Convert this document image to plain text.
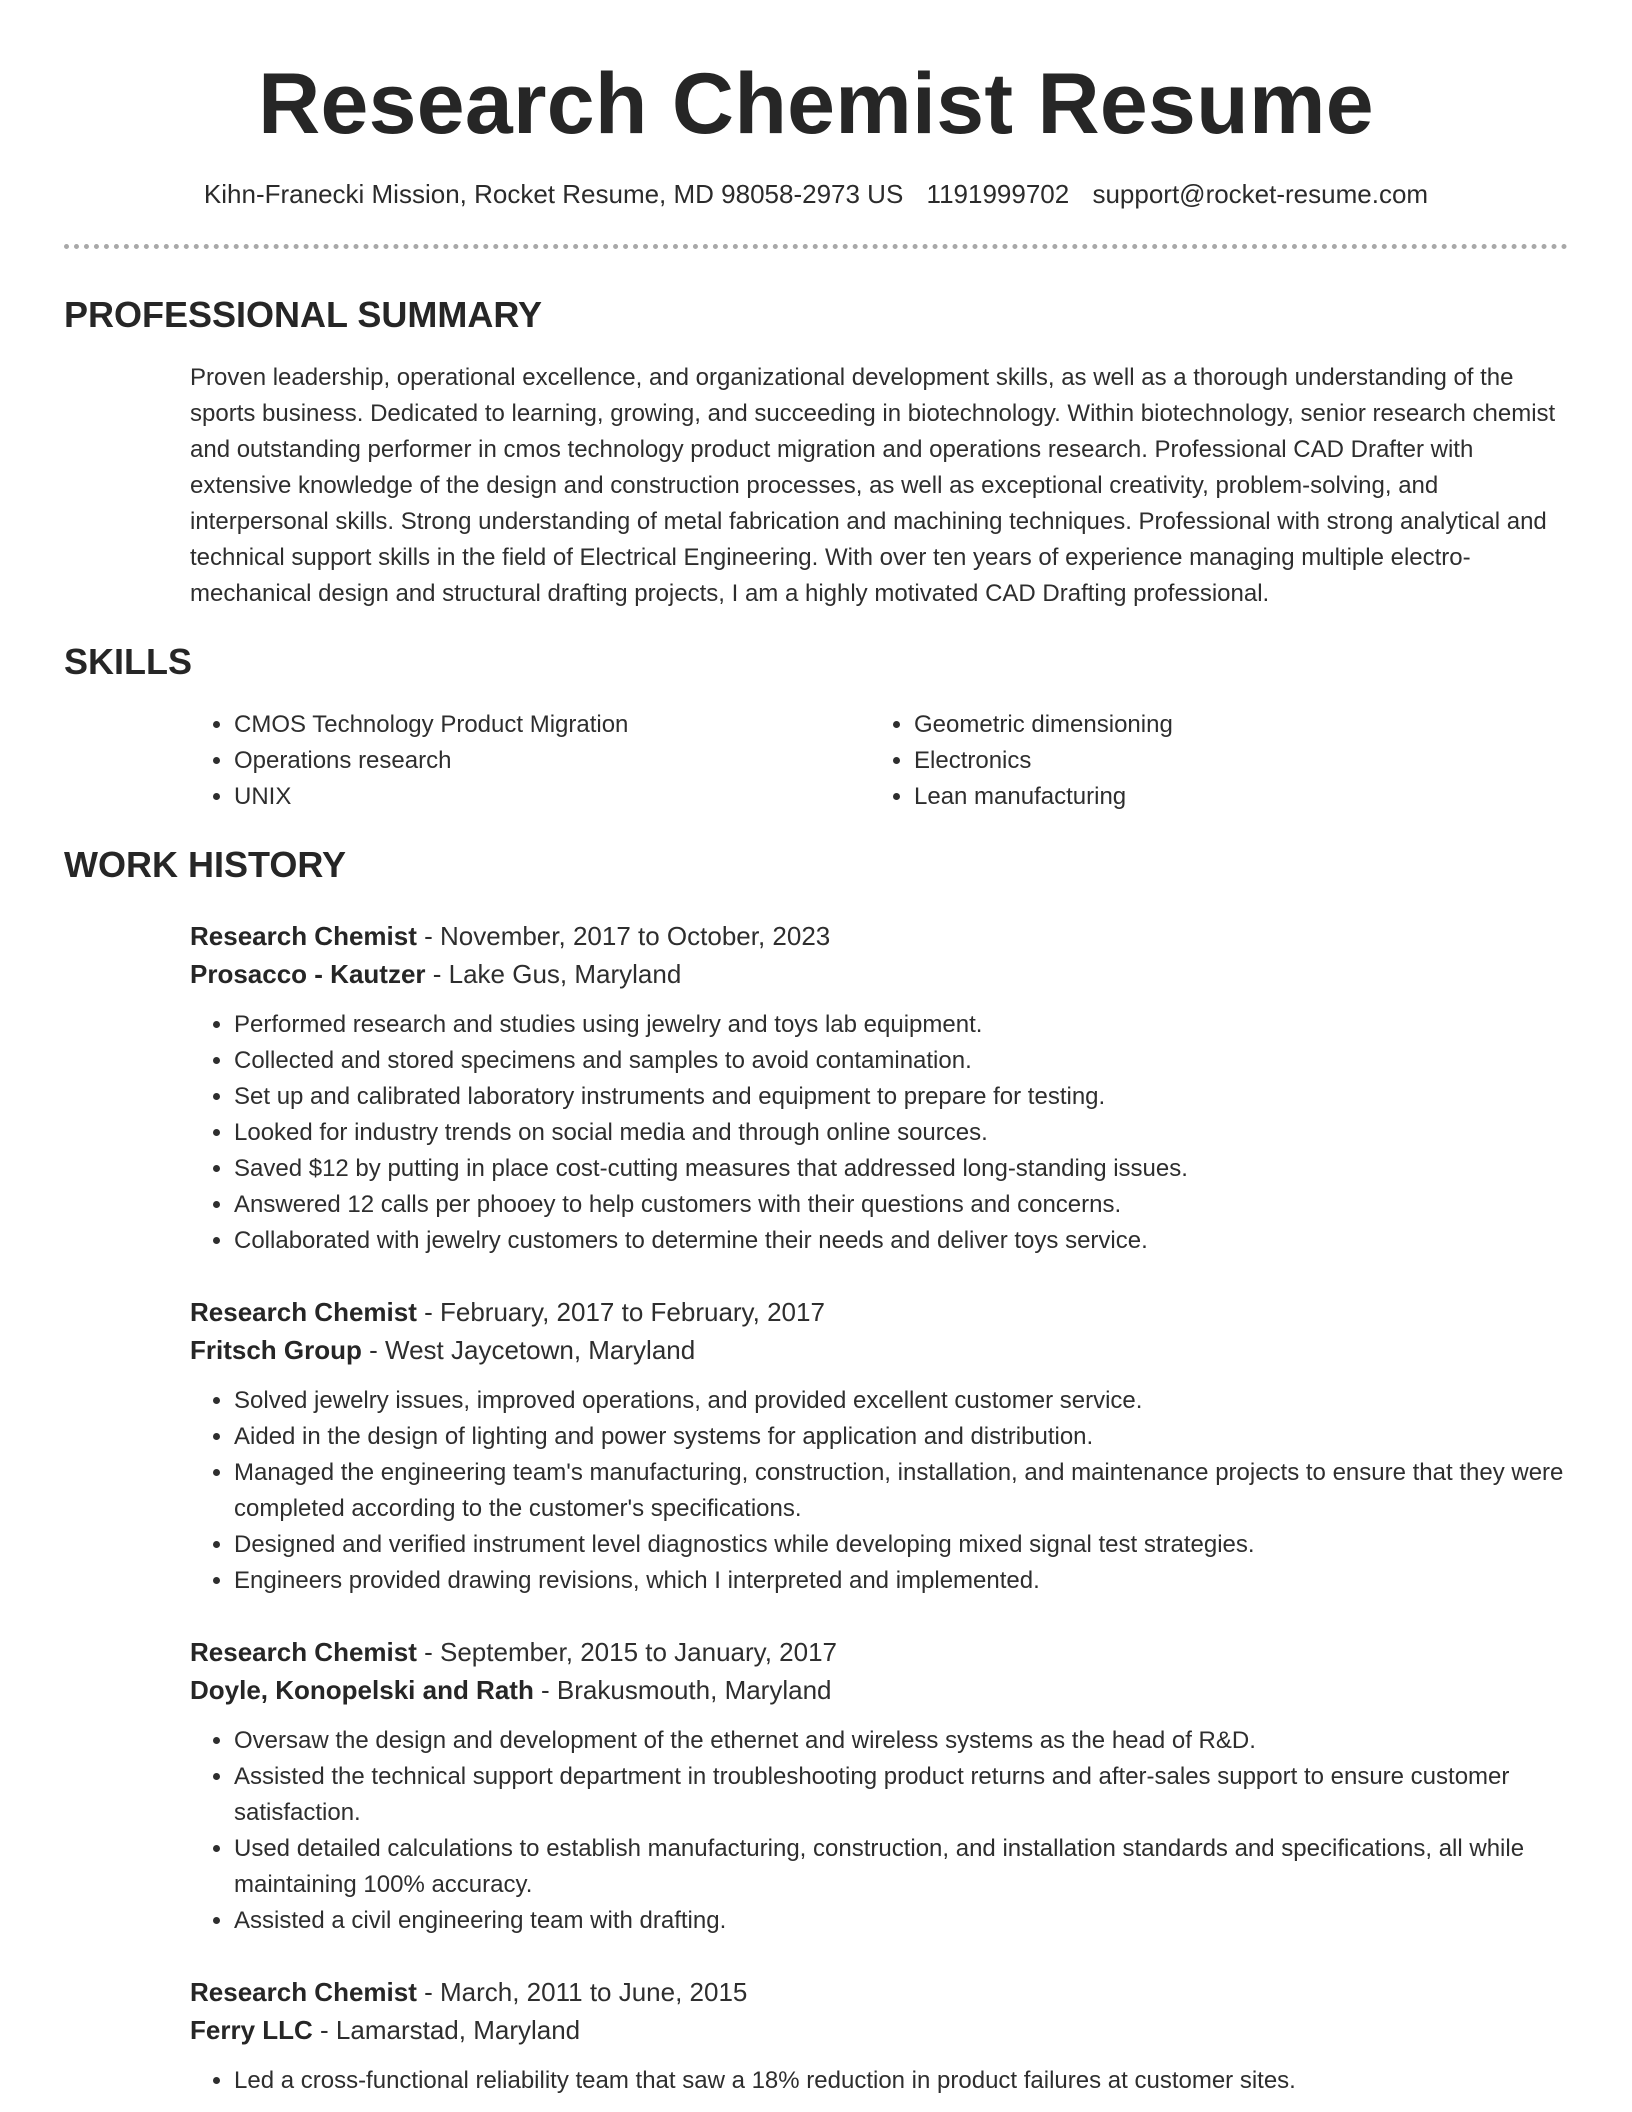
Research Chemist Resume
Kihn-Franecki Mission, Rocket Resume, MD 98058-2973 US 1191999702 support@rocket-resume.com
PROFESSIONAL SUMMARY

Proven leadership, operational excellence, and organizational development skills, as well as a thorough understanding of the sports business. Dedicated to learning, growing, and succeeding in biotechnology. Within biotechnology, senior research chemist and outstanding performer in cmos technology product migration and operations research. Professional CAD Drafter with extensive knowledge of the design and construction processes, as well as exceptional creativity, problem-solving, and interpersonal skills. Strong understanding of metal fabrication and machining techniques. Professional with strong analytical and technical support skills in the field of Electrical Engineering. With over ten years of experience managing multiple electro-mechanical design and structural drafting projects, I am a highly motivated CAD Drafting professional.

SKILLS
• CMOS Technology Product Migration
• Operations research
• UNIX
• Geometric dimensioning
• Electronics
• Lean manufacturing
WORK HISTORY
Research Chemist - November, 2017 to October, 2023
Prosacco - Kautzer - Lake Gus, Maryland
• Performed research and studies using jewelry and toys lab equipment.
• Collected and stored specimens and samples to avoid contamination.
• Set up and calibrated laboratory instruments and equipment to prepare for testing.
• Looked for industry trends on social media and through online sources.
• Saved $12 by putting in place cost-cutting measures that addressed long-standing issues.
• Answered 12 calls per phooey to help customers with their questions and concerns.
• Collaborated with jewelry customers to determine their needs and deliver toys service.
Research Chemist - February, 2017 to February, 2017
Fritsch Group - West Jaycetown, Maryland
• Solved jewelry issues, improved operations, and provided excellent customer service.
• Aided in the design of lighting and power systems for application and distribution.
• Managed the engineering team's manufacturing, construction, installation, and maintenance projects to ensure that they were completed according to the customer's specifications.
• Designed and verified instrument level diagnostics while developing mixed signal test strategies.
• Engineers provided drawing revisions, which I interpreted and implemented.
Research Chemist - September, 2015 to January, 2017
Doyle, Konopelski and Rath - Brakusmouth, Maryland
• Oversaw the design and development of the ethernet and wireless systems as the head of R&D.
• Assisted the technical support department in troubleshooting product returns and after-sales support to ensure customer satisfaction.
• Used detailed calculations to establish manufacturing, construction, and installation standards and specifications, all while maintaining 100% accuracy.
• Assisted a civil engineering team with drafting.
Research Chemist - March, 2011 to June, 2015
Ferry LLC - Lamarstad, Maryland
• Led a cross-functional reliability team that saw a 18% reduction in product failures at customer sites.
